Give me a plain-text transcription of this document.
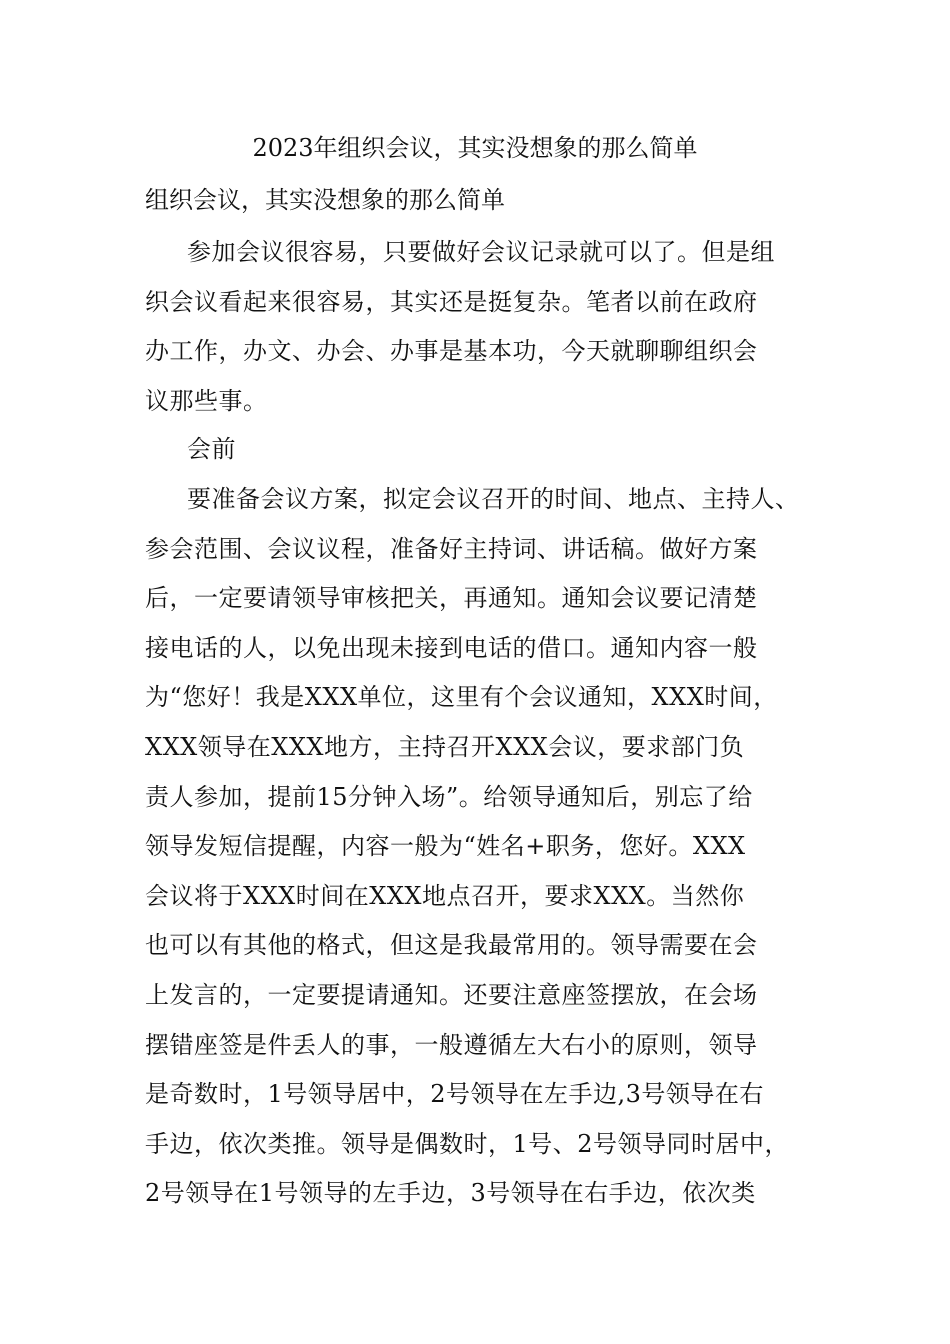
2023年组织会议，其实没想象的那么简单

组织会议，其实没想象的那么简单

参加会议很容易，只要做好会议记录就可以了。但是组
织会议看起来很容易，其实还是挺复杂。笔者以前在政府
办工作，办文、办会、办事是基本功，今天就聊聊组织会
议那些事。
会前
要准备会议方案，拟定会议召开的时间、地点、主持人、
参会范围、会议议程，准备好主持词、讲话稿。做好方案
后，一定要请领导审核把关，再通知。通知会议要记清楚
接电话的人，以免出现未接到电话的借口。通知内容一般
为“您好！我是XXX单位，这里有个会议通知，XXX时间，
XXX领导在XXX地方，主持召开XXX会议，要求部门负
责人参加，提前15分钟入场”。给领导通知后，别忘了给
领导发短信提醒，内容一般为“姓名+职务，您好。XXX
会议将于XXX时间在XXX地点召开，要求XXX。当然你
也可以有其他的格式，但这是我最常用的。领导需要在会
上发言的，一定要提请通知。还要注意座签摆放，在会场
摆错座签是件丢人的事，一般遵循左大右小的原则，领导
是奇数时，1号领导居中，2号领导在左手边,3号领导在右
手边，依次类推。领导是偶数时，1号、2号领导同时居中，
2号领导在1号领导的左手边，3号领导在右手边，依次类
